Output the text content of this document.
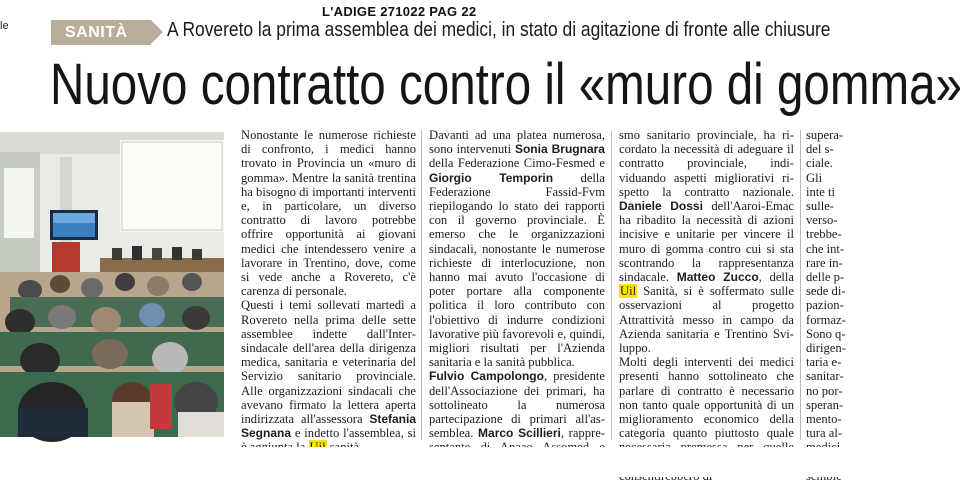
L'ADIGE 271022 PAG 22
le	SANITÀ	A Rovereto la prima assemblea dei medici, in stato di agitazione di fronte alle chiusure
Nuovo contratto contro il «muro di gomma»

Nonostante le numerose richieste di confronto, i medici hanno trovato in Provincia un «muro di gomma». Mentre la sanità trentina ha bisogno di importanti interventi e, in particolare, un diverso contratto di lavoro potrebbe offrire opportunità ai giovani medici che intendessero venire a lavorare in Trentino, dove, come si vede anche a Rovereto, c'è carenza di personale.

Questi i temi sollevati martedì a Rovereto nella prima delle sette assemblee indette dall'Intersindacale dell'area della dirigenza medica, sanitaria e veterinaria del Servizio sanitario provinciale. Alle organizzazioni sindacali che avevano firmato la lettera aperta indirizzata all'assessora Stefania Segnana e indetto l'assemblea, si

Davanti ad una platea numerosa, sono intervenuti Sonia Brugnara della Federazione Cimo-Fesmed e Giorgio Temporin della Federazione Fassid-Fvm riepilogando lo stato dei rapporti con il governo provinciale. È emerso che le organizzazioni sindacali, nonostante le numerose richieste di interlocuzione, non hanno mai avuto l'occasione di poter portare alla componente politica il loro contributo con l'obiettivo di indurre condizioni lavorative più favorevoli e, quindi, migliori risultati per l'Azienda sanitaria e la sanità pubblica.

Fulvio Campolongo, presidente dell'Associazione dei primari, ha sottolineato la numerosa partecipazione di primari all'assemblea. Marco Scillieri, rappre

smo sanitario provinciale, ha ricordato la necessità di adeguare il contratto provinciale, individuando aspetti migliorativi rispetto la contratto nazionale. Daniele Dossi dell'Aaroi-Emac ha ribadito la necessità di azioni incisive e unitarie per vincere il muro di gomma contro cui si sta scontrando la rappresentanza sindacale. Matteo Zucco, della Uil Sanità, si è soffermato sulle osservazioni al progetto Attrattività messo in campo da Azienda sanitaria e Trentino Sviluppo.

Molti degli interventi dei medici presenti hanno sottolineato che parlare di contratto è necessario non tanto quale opportunità di un miglioramento economico della categoria quanto piuttosto quale

supera del s ciale.

Gli inte ti sulle verso trebbe che int rare in delle p sede di pazion formaz Sono q dirigen taria e sanitar no por speran mento tura al
